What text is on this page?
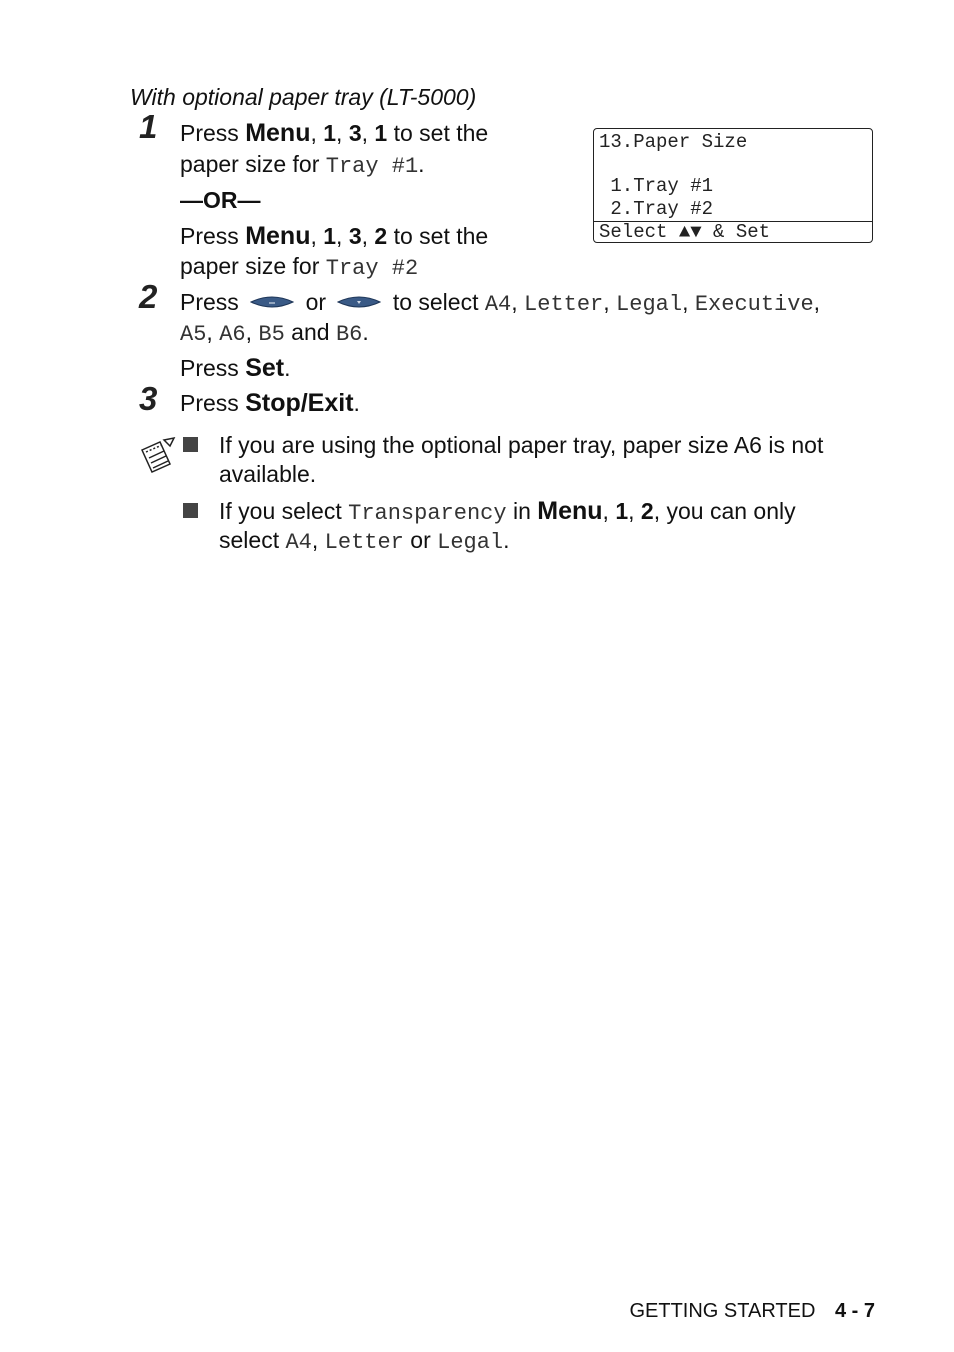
With optional paper tray (LT-5000)
1 Press Menu, 1, 3, 1 to set the
paper size for Tray #1.
—OR—
Press Menu, 1, 3, 2 to set the
paper size for Tray #2
13.Paper Size
1.Tray #1
2.Tray #2
Select ▲▼ & Set
2 Press	or	to select A4, Letter, Legal, Executive,
A5, A6, B5 and B6.
Press Set.
3 Press Stop/Exit.
If you are using the optional paper tray, paper size A6 is not
available.
If you select Transparency in Menu, 1, 2, you can only
select A4, Letter or Legal.
GETTING STARTED 4 - 7
